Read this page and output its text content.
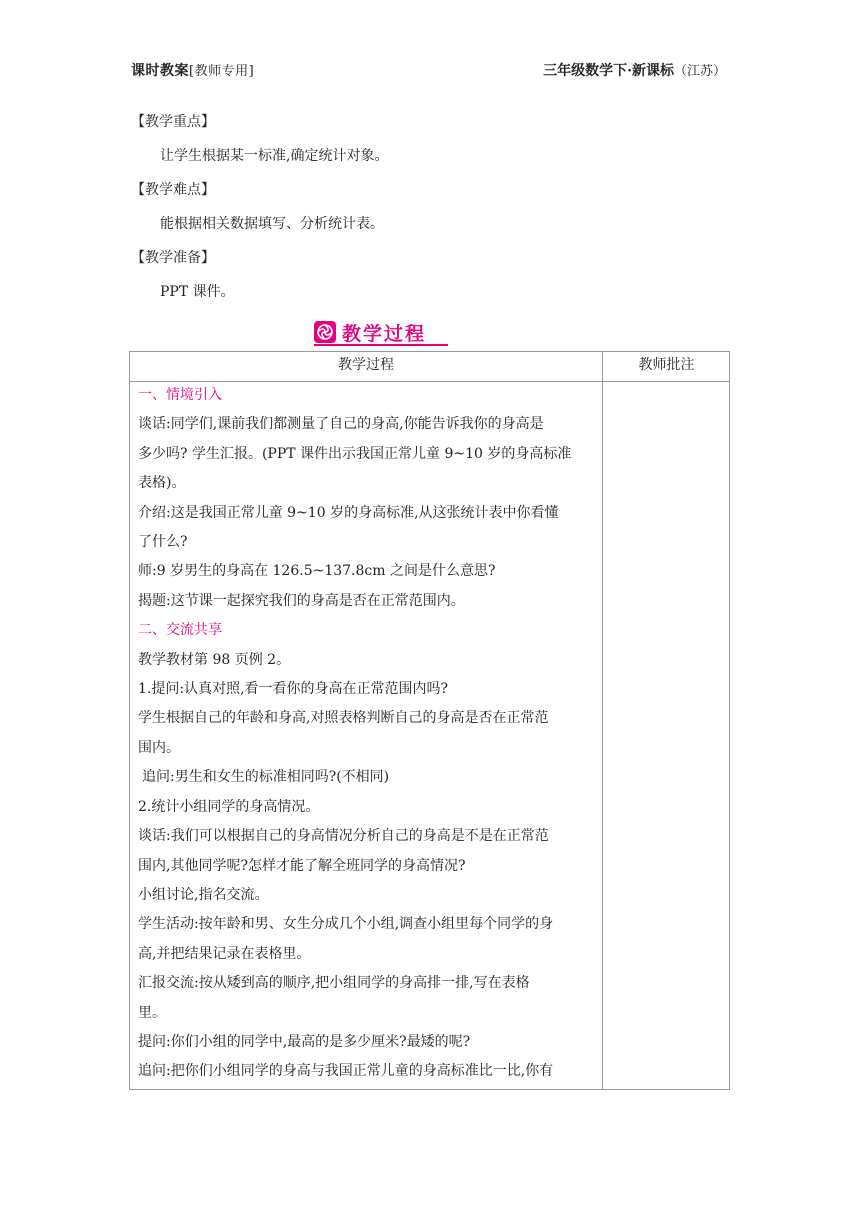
课时教案[教师专用]	三年级数学下·新课标（江苏）
【教学重点】
让学生根据某一标准,确定统计对象。
【教学难点】
能根据相关数据填写、分析统计表。
【教学准备】
PPT 课件。
教学过程
教学过程	教师批注

一、情境引入

谈话:同学们,课前我们都测量了自己的身高,你能告诉我你的身高是

多少吗? 学生汇报。(PPT 课件出示我国正常儿童 9~10 岁的身高标准

表格)。

介绍:这是我国正常儿童 9~10 岁的身高标准,从这张统计表中你看懂

了什么?

师:9 岁男生的身高在 126.5~137.8cm 之间是什么意思?

揭题:这节课一起探究我们的身高是否在正常范围内。

二、交流共享

教学教材第 98 页例 2。

1.提问:认真对照,看一看你的身高在正常范围内吗?

学生根据自己的年龄和身高,对照表格判断自己的身高是否在正常范

围内。

追问:男生和女生的标准相同吗?(不相同)

2.统计小组同学的身高情况。

谈话:我们可以根据自己的身高情况分析自己的身高是不是在正常范

围内,其他同学呢?怎样才能了解全班同学的身高情况?

小组讨论,指名交流。

学生活动:按年龄和男、女生分成几个小组,调查小组里每个同学的身

高,并把结果记录在表格里。

汇报交流:按从矮到高的顺序,把小组同学的身高排一排,写在表格

里。

提问:你们小组的同学中,最高的是多少厘米?最矮的呢?

追问:把你们小组同学的身高与我国正常儿童的身高标准比一比,你有
